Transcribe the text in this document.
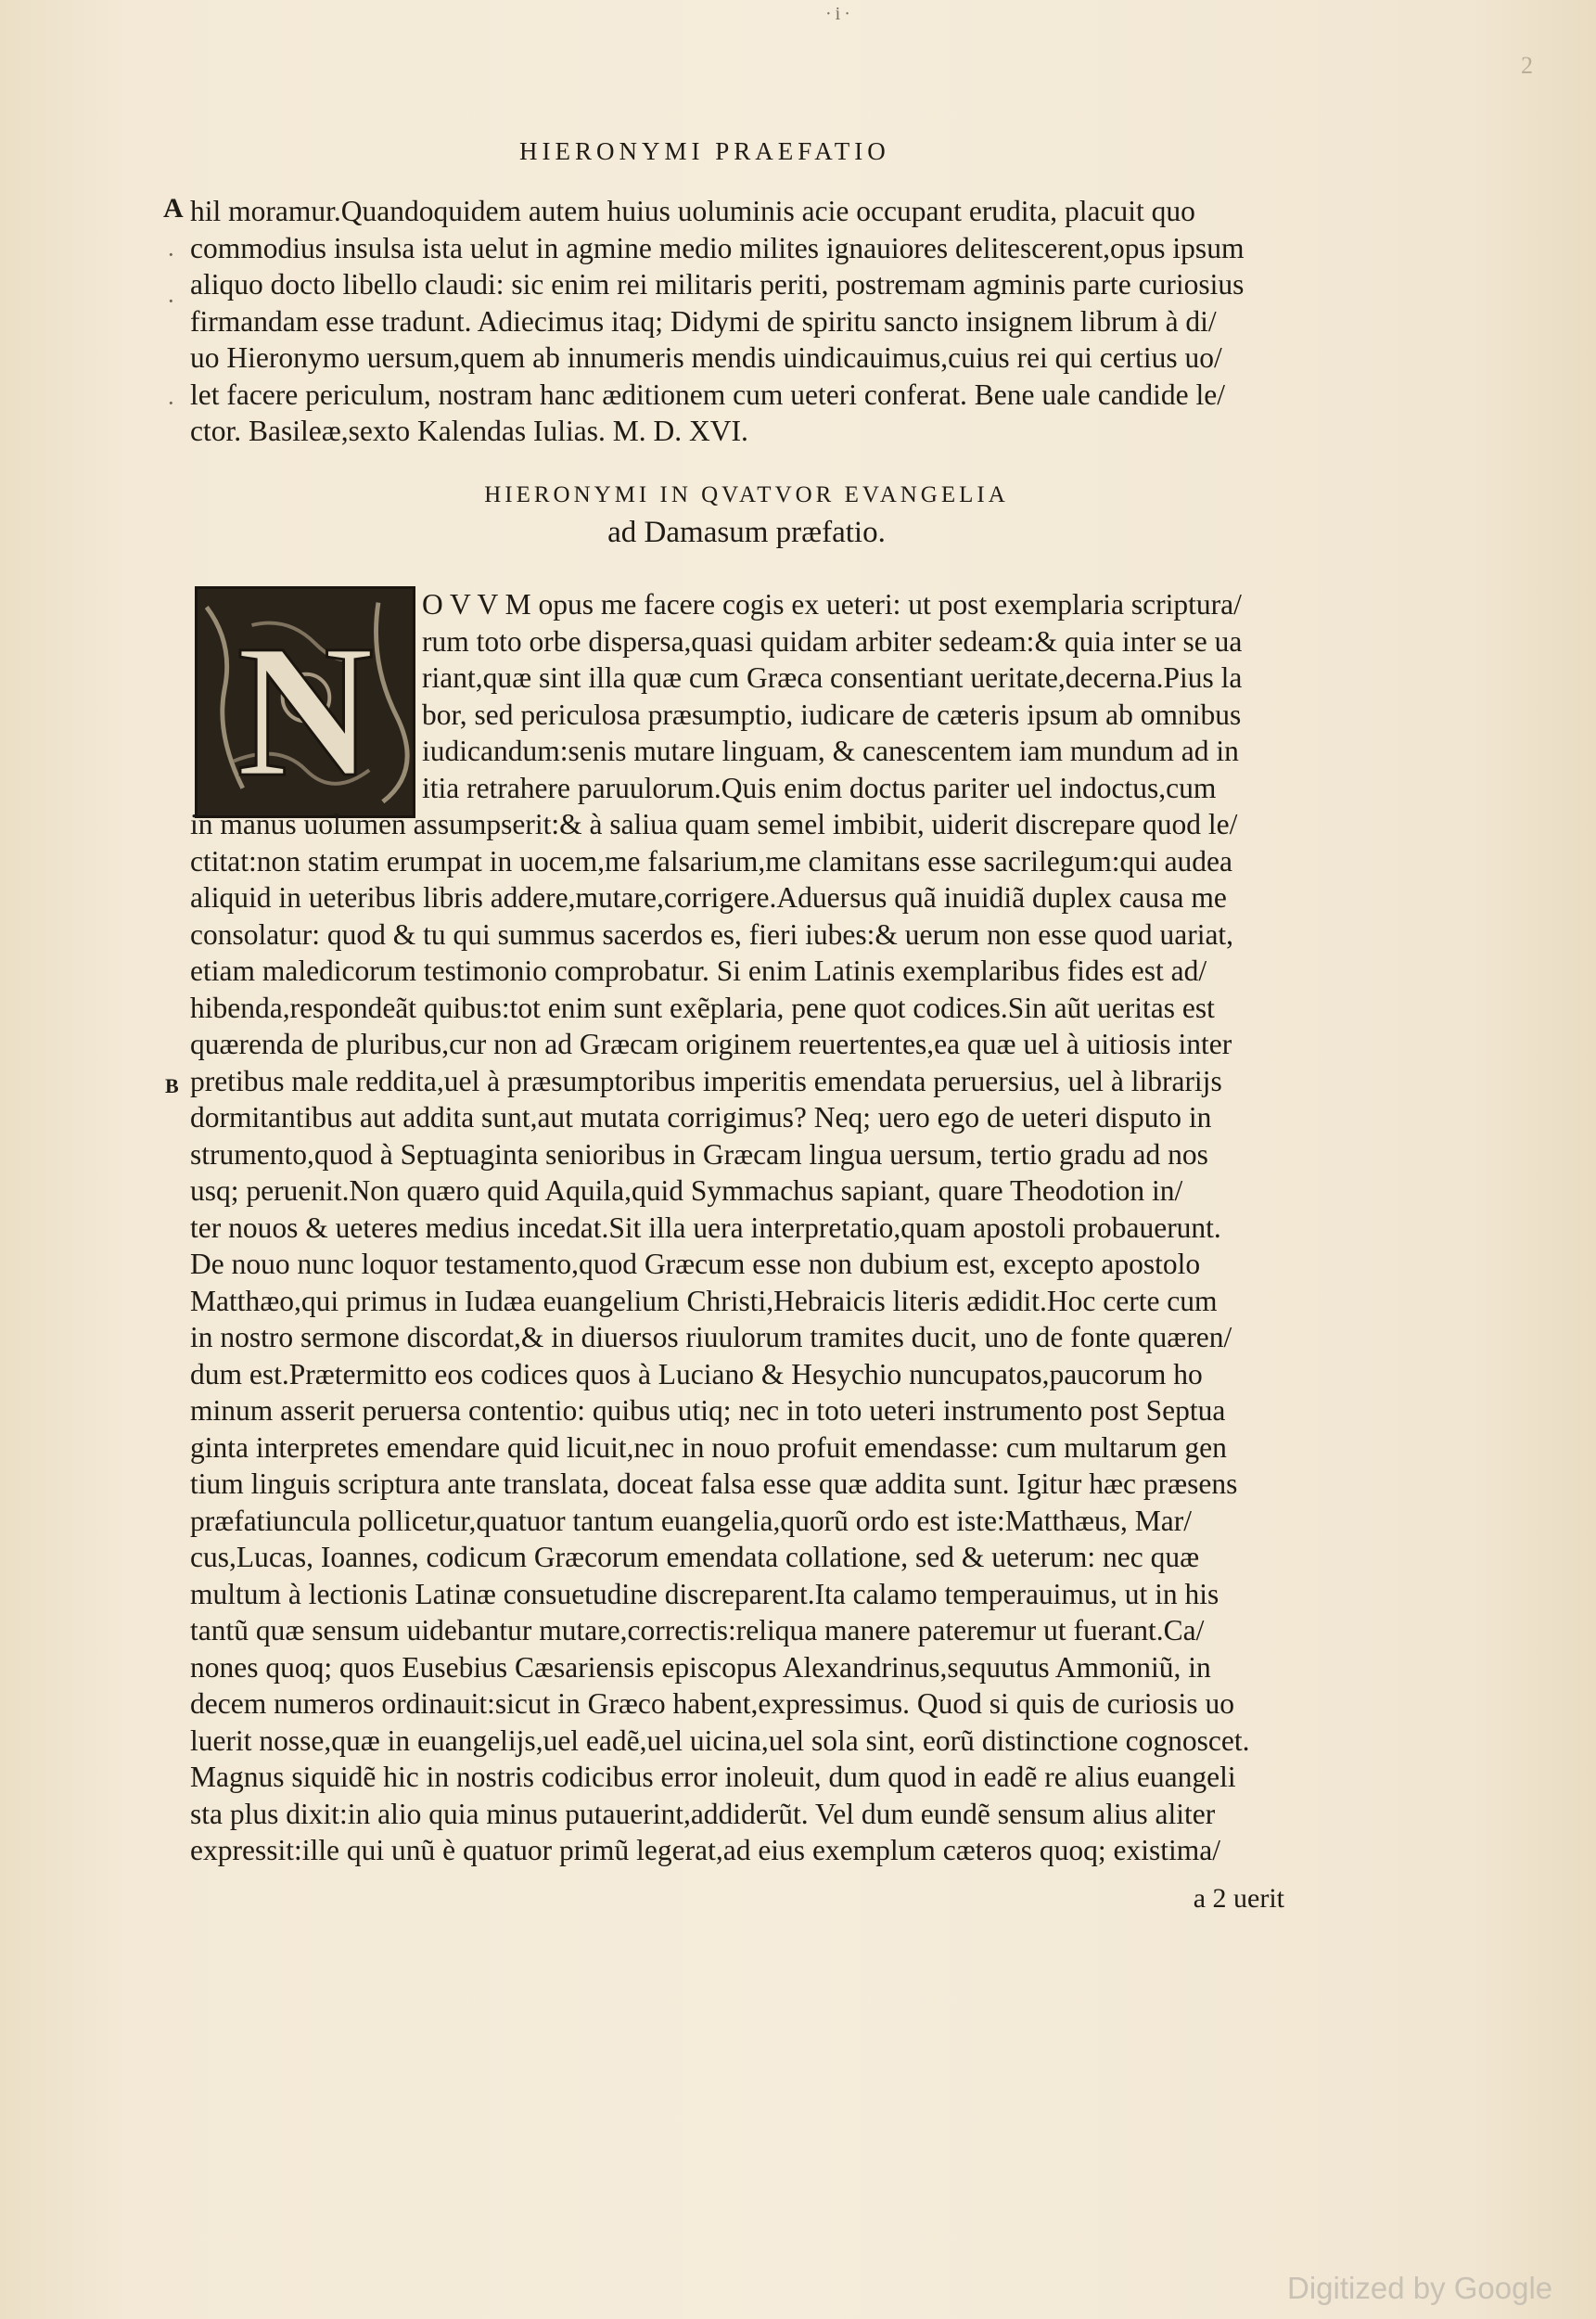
·i·
2
HIERONYMI PRAEFATIO
A hil moramur.Quandoquidem autem huius uoluminis acie occupant erudita, placuit quo
commodius insulsa ista uelut in agmine medio milites ignauiores delitescerent,opus ipsum
aliquo docto libello claudi: sic enim rei militaris periti, postremam agminis parte curiosius
firmandam esse tradunt. Adiecimus itaq; Didymi de spiritu sancto insignem librum à di/
uo Hieronymo uersum,quem ab innumeris mendis uindicauimus,cuius rei qui certius uo/
let facere periculum, nostram hanc æditionem cum ueteri conferat. Bene uale candide le/
ctor. Basileæ,sexto Kalendas Iulias. M. D. XVI.
HIERONYMI IN QVATVOR EVANGELIA
ad Damasum præfatio.
N
B
O V V M opus me facere cogis ex ueteri: ut post exemplaria scriptura/
rum toto orbe dispersa,quasi quidam arbiter sedeam:& quia inter se ua
riant,quæ sint illa quæ cum Græca consentiant ueritate,decerna.Pius la
bor, sed periculosa præsumptio, iudicare de cæteris ipsum ab omnibus
iudicandum:senis mutare linguam, & canescentem iam mundum ad in
itia retrahere paruulorum.Quis enim doctus pariter uel indoctus,cum
in manus uolumen assumpserit:& à saliua quam semel imbibit, uiderit discrepare quod le/
ctitat:non statim erumpat in uocem,me falsarium,me clamitans esse sacrilegum:qui audea
aliquid in ueteribus libris addere,mutare,corrigere.Aduersus quã inuidiã duplex causa me
consolatur: quod & tu qui summus sacerdos es, fieri iubes:& uerum non esse quod uariat,
etiam maledicorum testimonio comprobatur. Si enim Latinis exemplaribus fides est ad/
hibenda,respondeãt quibus:tot enim sunt exẽplaria, pene quot codices.Sin aũt ueritas est
quærenda de pluribus,cur non ad Græcam originem reuertentes,ea quæ uel à uitiosis inter
pretibus male reddita,uel à præsumptoribus imperitis emendata peruersius, uel à librarijs
dormitantibus aut addita sunt,aut mutata corrigimus? Neq; uero ego de ueteri disputo in
strumento,quod à Septuaginta senioribus in Græcam lingua uersum, tertio gradu ad nos
usq; peruenit.Non quæro quid Aquila,quid Symmachus sapiant, quare Theodotion in/
ter nouos & ueteres medius incedat.Sit illa uera interpretatio,quam apostoli probauerunt.
De nouo nunc loquor testamento,quod Græcum esse non dubium est, excepto apostolo
Matthæo,qui primus in Iudæa euangelium Christi,Hebraicis literis ædidit.Hoc certe cum
in nostro sermone discordat,& in diuersos riuulorum tramites ducit, uno de fonte quæren/
dum est.Prætermitto eos codices quos à Luciano & Hesychio nuncupatos,paucorum ho
minum asserit peruersa contentio: quibus utiq; nec in toto ueteri instrumento post Septua
ginta interpretes emendare quid licuit,nec in nouo profuit emendasse: cum multarum gen
tium linguis scriptura ante translata, doceat falsa esse quæ addita sunt. Igitur hæc præsens
præfatiuncula pollicetur,quatuor tantum euangelia,quorũ ordo est iste:Matthæus, Mar/
cus,Lucas, Ioannes, codicum Græcorum emendata collatione, sed & ueterum: nec quæ
multum à lectionis Latinæ consuetudine discreparent.Ita calamo temperauimus, ut in his
tantũ quæ sensum uidebantur mutare,correctis:reliqua manere pateremur ut fuerant.Ca/
nones quoq; quos Eusebius Cæsariensis episcopus Alexandrinus,sequutus Ammoniũ, in
decem numeros ordinauit:sicut in Græco habent,expressimus. Quod si quis de curiosis uo
luerit nosse,quæ in euangelijs,uel eadẽ,uel uicina,uel sola sint, eorũ distinctione cognoscet.
Magnus siquidẽ hic in nostris codicibus error inoleuit, dum quod in eadẽ re alius euangeli
sta plus dixit:in alio quia minus putauerint,addiderũt. Vel dum eundẽ sensum alius aliter
expressit:ille qui unũ è quatuor primũ legerat,ad eius exemplum cæteros quoq; existima/
a 2 uerit
Digitized by Google
·
·
·
